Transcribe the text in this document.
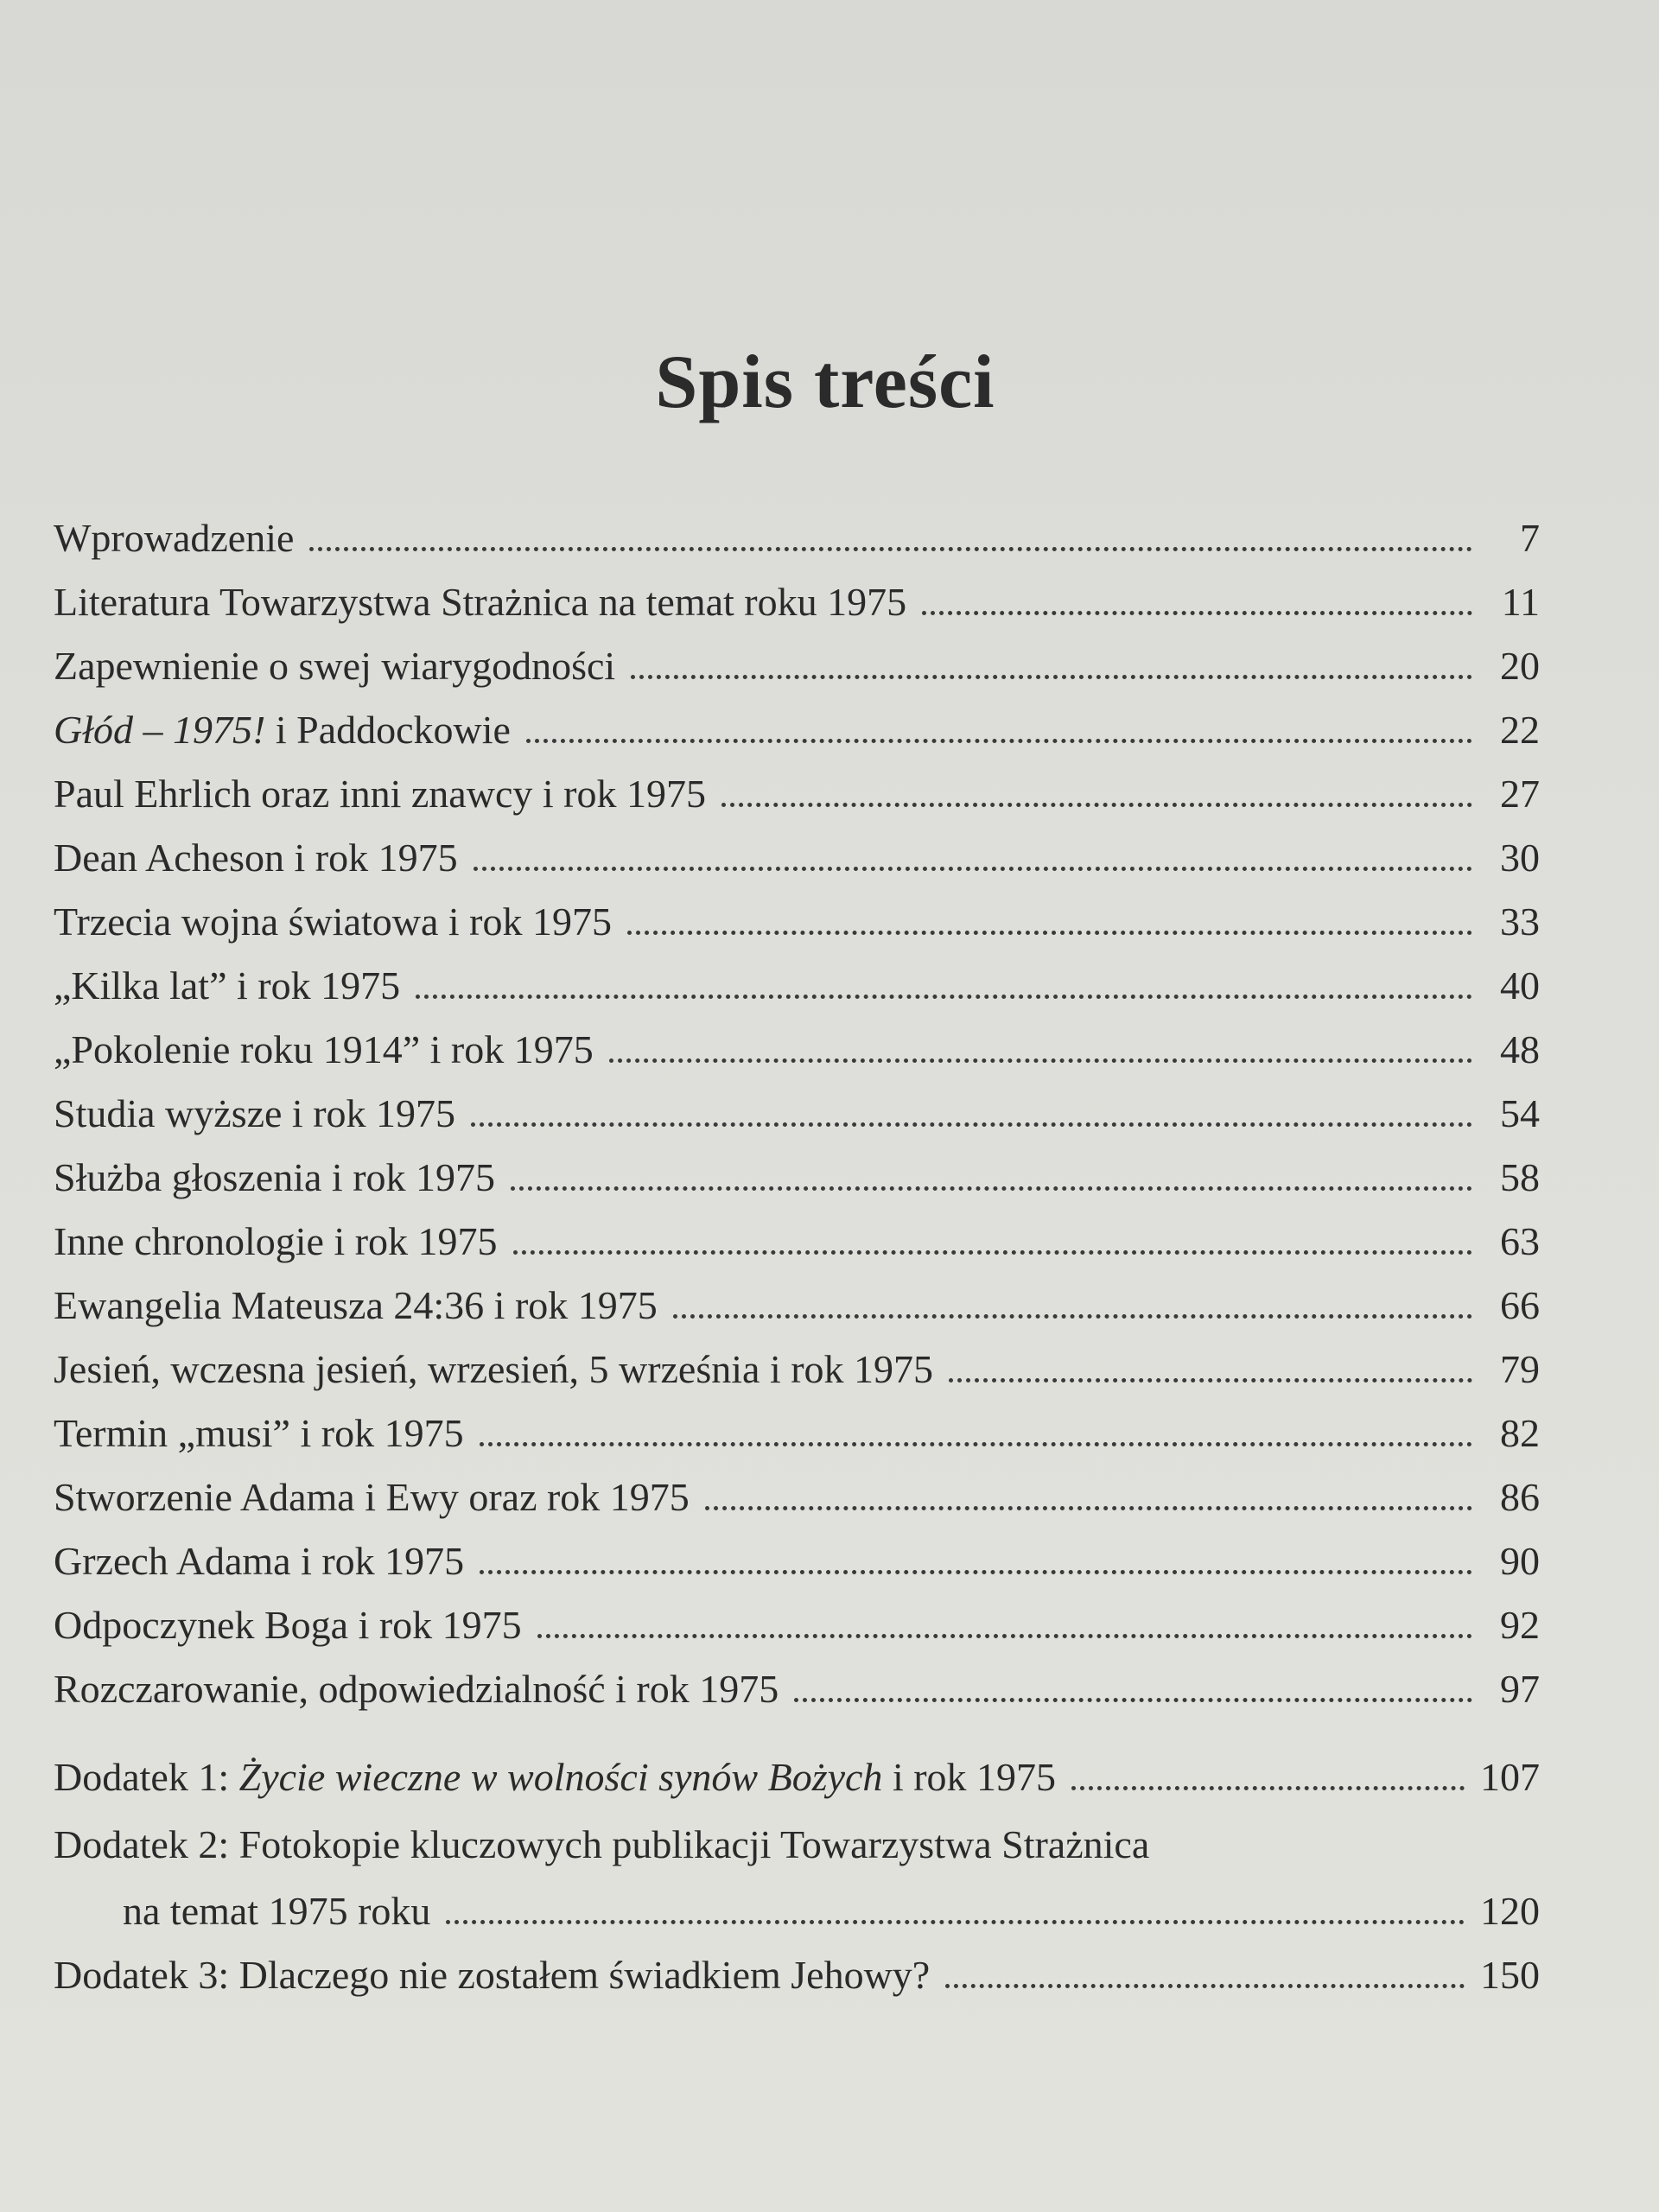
Spis treści
Wprowadzenie	7
Literatura Towarzystwa Strażnica na temat roku 1975	11
Zapewnienie o swej wiarygodności	20
Głód – 1975! i Paddockowie	22
Paul Ehrlich oraz inni znawcy i rok 1975	27
Dean Acheson i rok 1975	30
Trzecia wojna światowa i rok 1975	33
„Kilka lat” i rok 1975	40
„Pokolenie roku 1914” i rok 1975	48
Studia wyższe i rok 1975	54
Służba głoszenia i rok 1975	58
Inne chronologie i rok 1975	63
Ewangelia Mateusza 24:36 i rok 1975	66
Jesień, wczesna jesień, wrzesień, 5 września i rok 1975	79
Termin „musi” i rok 1975	82
Stworzenie Adama i Ewy oraz rok 1975	86
Grzech Adama i rok 1975	90
Odpoczynek Boga i rok 1975	92
Rozczarowanie, odpowiedzialność i rok 1975	97
Dodatek 1: Życie wieczne w wolności synów Bożych i rok 1975	107
Dodatek 2: Fotokopie kluczowych publikacji Towarzystwa Strażnica
na temat 1975 roku	120
Dodatek 3: Dlaczego nie zostałem świadkiem Jehowy?	150
